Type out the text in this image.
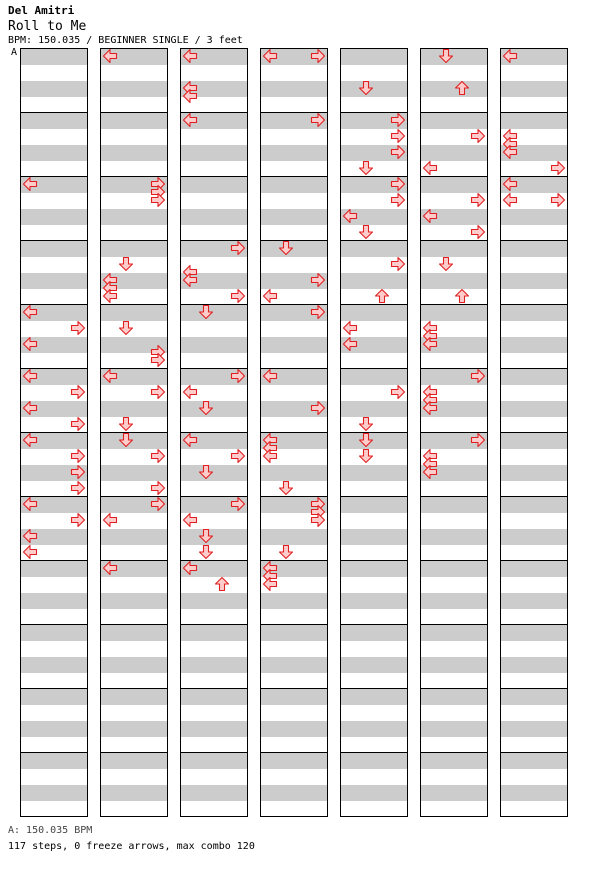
Del Amitri
Roll to Me
BPM: 150.035 / BEGINNER SINGLE / 3 feet
A
A: 150.035 BPM
117 steps, 0 freeze arrows, max combo 120
